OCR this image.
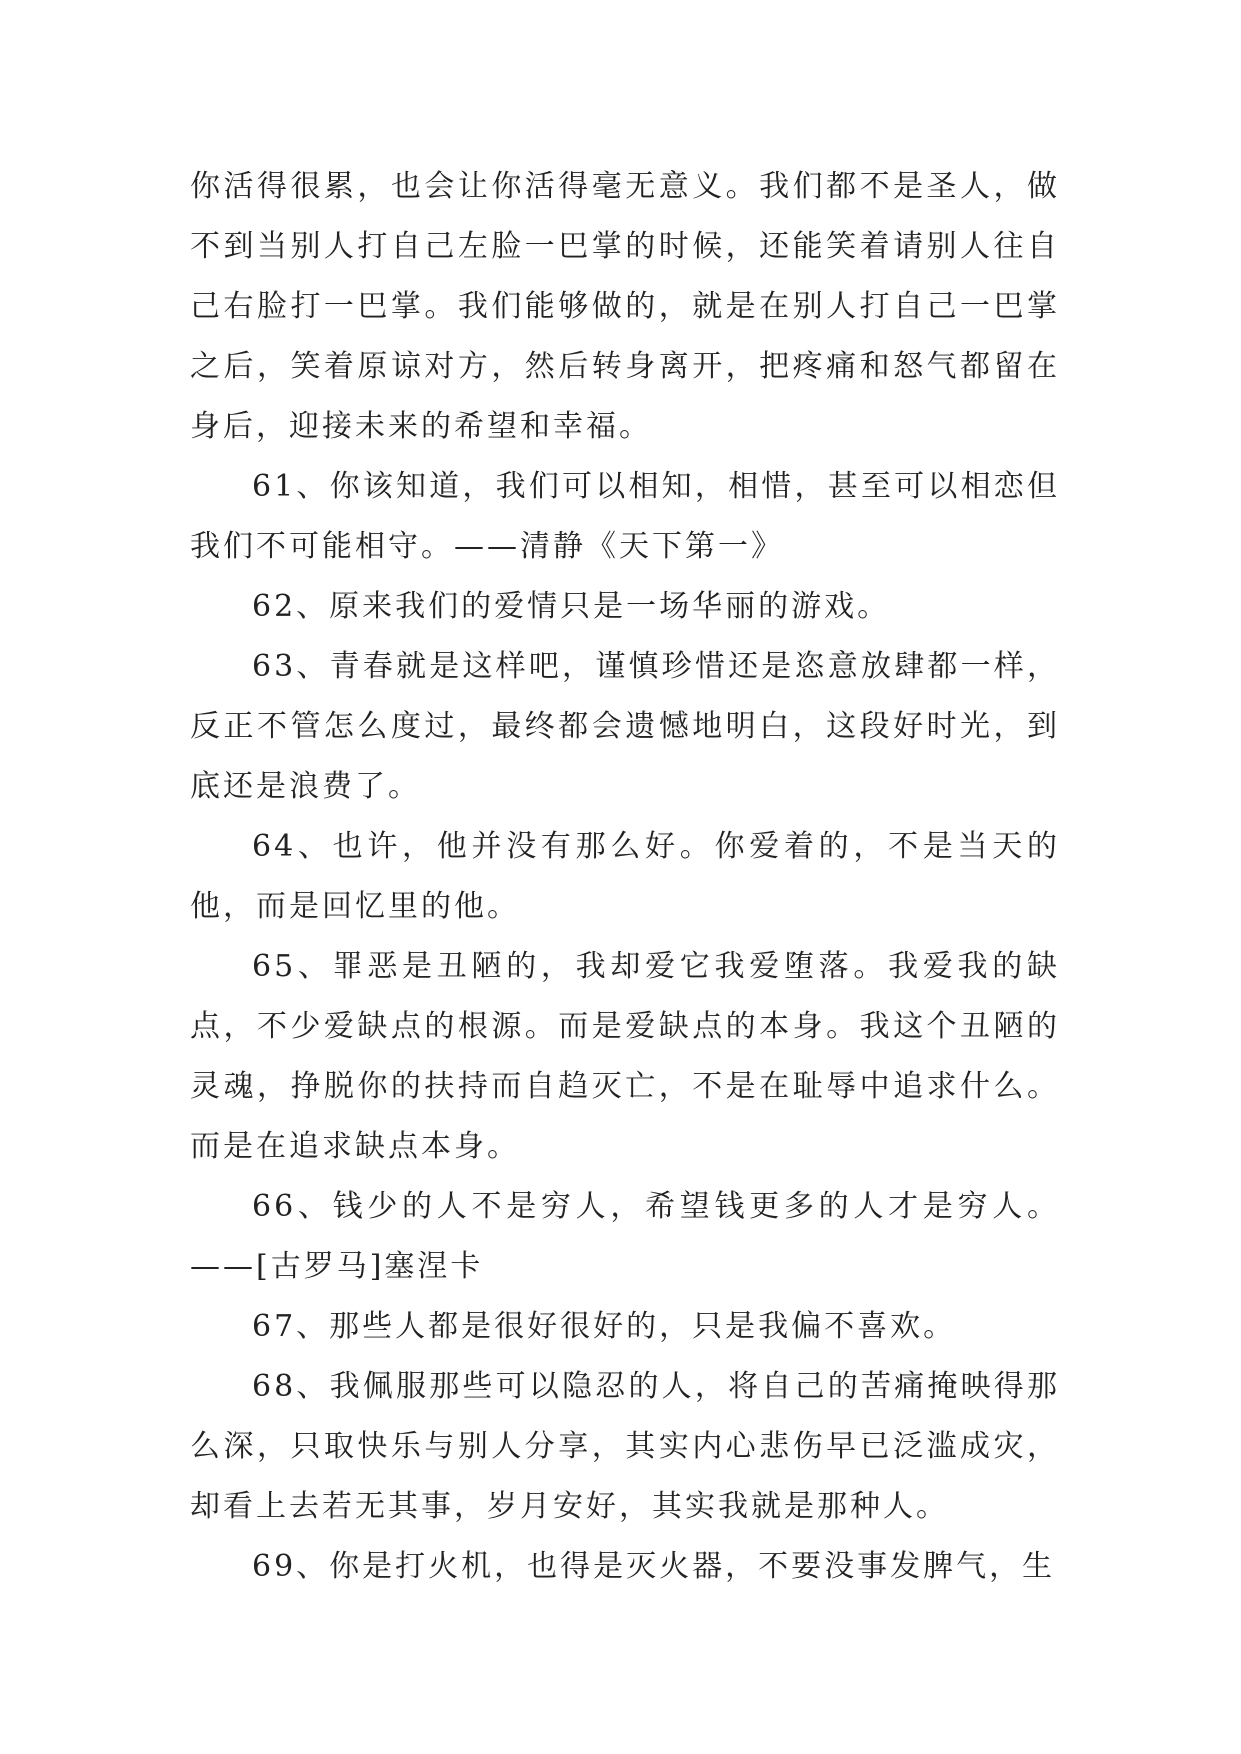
你活得很累，也会让你活得毫无意义。我们都不是圣人，做不到当别人打自己左脸一巴掌的时候，还能笑着请别人往自己右脸打一巴掌。我们能够做的，就是在别人打自己一巴掌之后，笑着原谅对方，然后转身离开，把疼痛和怒气都留在身后，迎接未来的希望和幸福。

61、你该知道，我们可以相知，相惜，甚至可以相恋但我们不可能相守。——清静《天下第一》

62、原来我们的爱情只是一场华丽的游戏。

63、青春就是这样吧，谨慎珍惜还是恣意放肆都一样，反正不管怎么度过，最终都会遗憾地明白，这段好时光，到底还是浪费了。

64、也许，他并没有那么好。你爱着的，不是当天的他，而是回忆里的他。

65、罪恶是丑陋的，我却爱它我爱堕落。我爱我的缺点，不少爱缺点的根源。而是爱缺点的本身。我这个丑陋的灵魂，挣脱你的扶持而自趋灭亡，不是在耻辱中追求什么。而是在追求缺点本身。

66、钱少的人不是穷人，希望钱更多的人才是穷人。——[古罗马]塞涅卡

67、那些人都是很好很好的，只是我偏不喜欢。

68、我佩服那些可以隐忍的人，将自己的苦痛掩映得那么深，只取快乐与别人分享，其实内心悲伤早已泛滥成灾，却看上去若无其事，岁月安好，其实我就是那种人。

69、你是打火机，也得是灭火器，不要没事发脾气，生
